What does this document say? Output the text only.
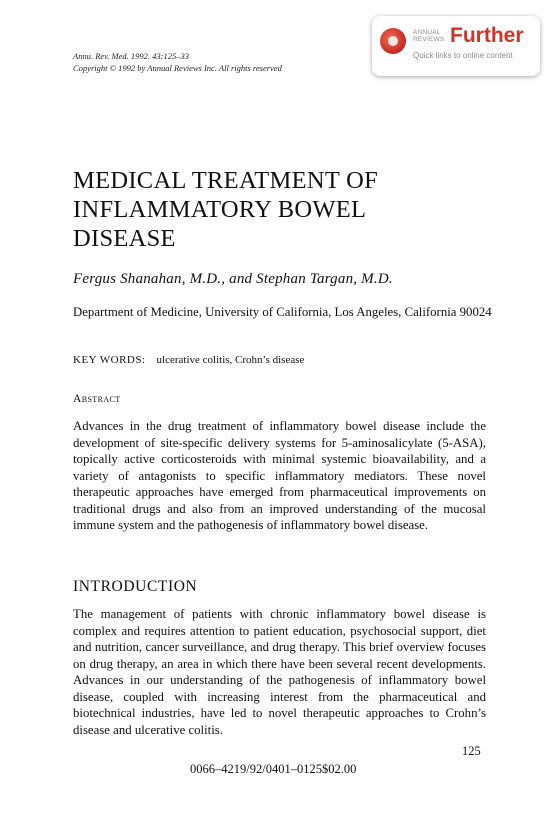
Annu. Rev. Med. 1992. 43:125–33
Copyright © 1992 by Annual Reviews Inc. All rights reserved
ANNUAL
REVIEWS Further
Quick links to online content
MEDICAL TREATMENT OF
INFLAMMATORY BOWEL
DISEASE
Fergus Shanahan, M.D., and Stephan Targan, M.D.
Department of Medicine, University of California, Los Angeles, California 90024
KEY WORDS: ulcerative colitis, Crohn’s disease
Abstract
Advances in the drug treatment of inflammatory bowel disease include the development of site-specific delivery systems for 5-aminosalicylate (5-ASA), topically active corticosteroids with minimal systemic bioavailability, and a variety of antagonists to specific inflammatory mediators. These novel therapeutic approaches have emerged from pharmaceutical improvements on traditional drugs and also from an improved understanding of the mucosal immune system and the pathogenesis of inflammatory bowel disease.
INTRODUCTION
The management of patients with chronic inflammatory bowel disease is complex and requires attention to patient education, psychosocial support, diet and nutrition, cancer surveillance, and drug therapy. This brief overview focuses on drug therapy, an area in which there have been several recent developments. Advances in our understanding of the pathogenesis of inflammatory bowel disease, coupled with increasing interest from the pharmaceutical and biotechnical industries, have led to novel therapeutic approaches to Crohn’s disease and ulcerative colitis.
125
0066–4219/92/0401–0125$02.00
